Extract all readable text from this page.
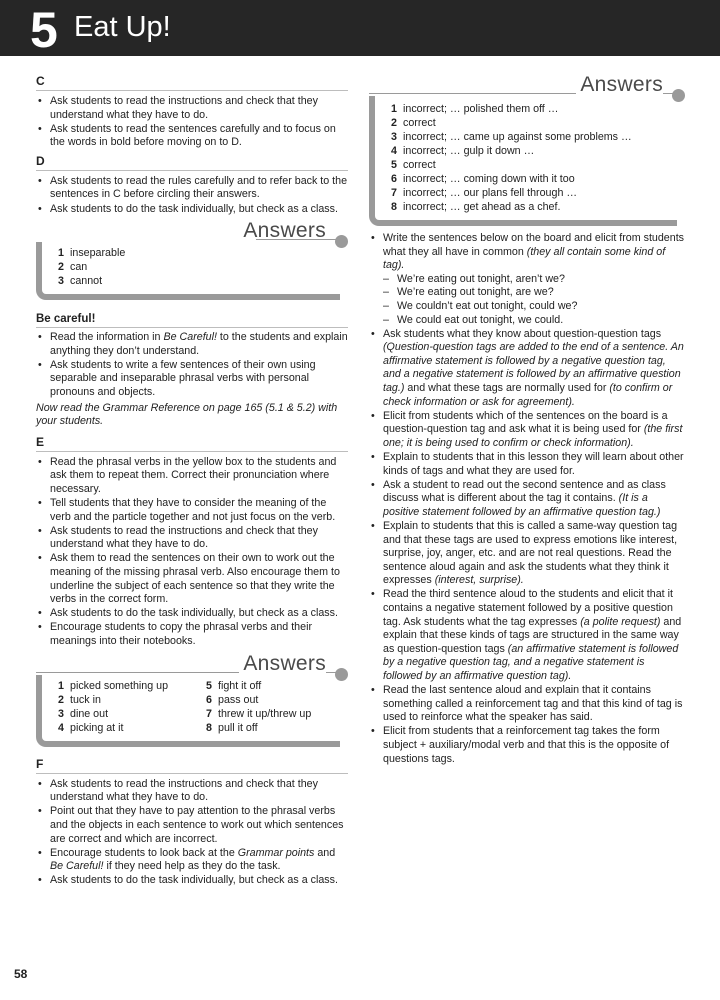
5 Eat Up!
C
• Ask students to read the instructions and check that they understand what they have to do.
• Ask students to read the sentences carefully and to focus on the words in bold before moving on to D.
D
• Ask students to read the rules carefully and to refer back to the sentences in C before circling their answers.
• Ask students to do the task individually, but check as a class.
Answers
1 inseparable
2 can
3 cannot
Be careful!
• Read the information in Be Careful! to the students and explain anything they don’t understand.
• Ask students to write a few sentences of their own using separable and inseparable phrasal verbs with personal pronouns and objects.

Now read the Grammar Reference on page 165 (5.1 & 5.2) with your students.

E
• Read the phrasal verbs in the yellow box to the students and ask them to repeat them. Correct their pronunciation where necessary.
• Tell students that they have to consider the meaning of the verb and the particle together and not just focus on the verb.
• Ask students to read the instructions and check that they understand what they have to do.
• Ask them to read the sentences on their own to work out the meaning of the missing phrasal verb. Also encourage them to underline the subject of each sentence so that they write the verbs in the correct form.
• Ask students to do the task individually, but check as a class.
• Encourage students to copy the phrasal verbs and their meanings into their notebooks.
Answers
1 picked something up	5 fight it off
2 tuck in	6 pass out
3 dine out	7 threw it up/threw up
4 picking at it	8 pull it off
F
• Ask students to read the instructions and check that they understand what they have to do.
• Point out that they have to pay attention to the phrasal verbs and the objects in each sentence to work out which sentences are correct and which are incorrect.
• Encourage students to look back at the Grammar points and Be Careful! if they need help as they do the task.
• Ask students to do the task individually, but check as a class.
Answers
1 incorrect; … polished them off …
2 correct
3 incorrect; … came up against some problems …
4 incorrect; … gulp it down …
5 correct
6 incorrect; … coming down with it too
7 incorrect; … our plans fell through …
8 incorrect; … get ahead as a chef.
• Write the sentences below on the board and elicit from students what they all have in common (they all contain some kind of tag).
– We’re eating out tonight, aren’t we?
– We’re eating out tonight, are we?
– We couldn’t eat out tonight, could we?
– We could eat out tonight, we could.
• Ask students what they know about question-question tags (Question-question tags are added to the end of a sentence. An affirmative statement is followed by a negative question tag, and a negative statement is followed by an affirmative question tag.) and what these tags are normally used for (to confirm or check information or ask for agreement).
• Elicit from students which of the sentences on the board is a question-question tag and ask what it is being used for (the first one; it is being used to confirm or check information).
• Explain to students that in this lesson they will learn about other kinds of tags and what they are used for.
• Ask a student to read out the second sentence and as class discuss what is different about the tag it contains. (It is a positive statement followed by an affirmative question tag.)
• Explain to students that this is called a same-way question tag and that these tags are used to express emotions like interest, surprise, joy, anger, etc. and are not real questions. Read the sentence aloud again and ask the students what they think it expresses (interest, surprise).
• Read the third sentence aloud to the students and elicit that it contains a negative statement followed by a positive question tag. Ask students what the tag expresses (a polite request) and explain that these kinds of tags are structured in the same way as question-question tags (an affirmative statement is followed by a negative question tag, and a negative statement is followed by an affirmative question tag).
• Read the last sentence aloud and explain that it contains something called a reinforcement tag and that this kind of tag is used to reinforce what the speaker has said.
• Elicit from students that a reinforcement tag takes the form subject + auxiliary/modal verb and that this is the opposite of questions tags.
58
